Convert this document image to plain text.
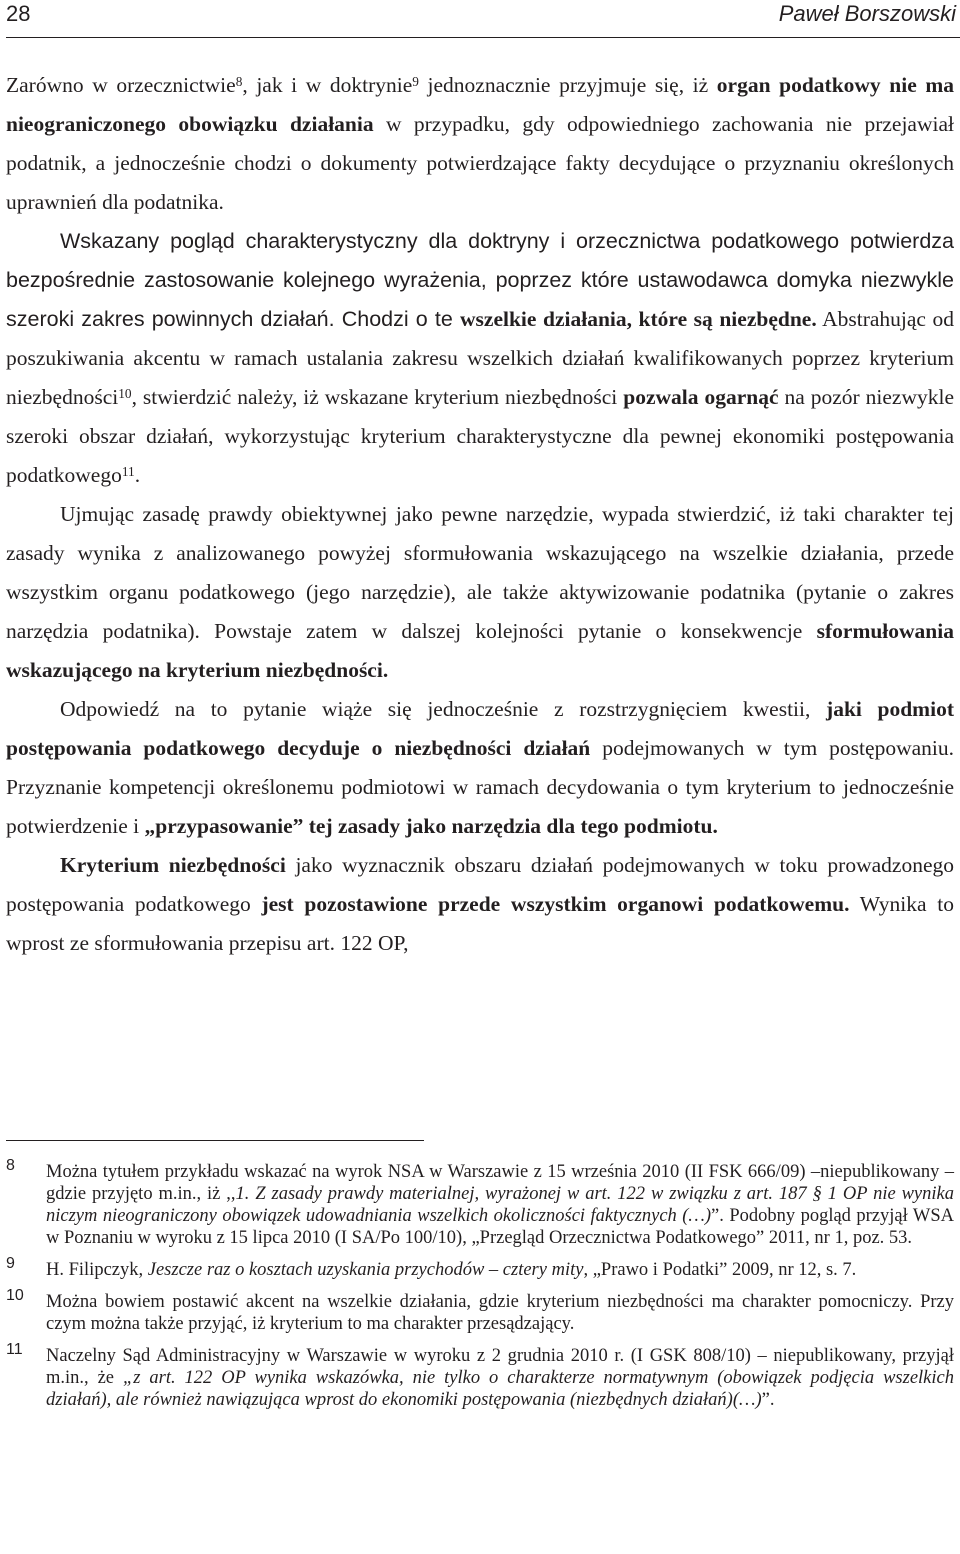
28	Paweł Borszowski

Zarówno w orzecznictwie$^8$, jak i w doktrynie$^9$ jednoznacznie przyjmuje się, iż organ podatkowy nie ma nieograniczonego obowiązku działania w przypadku, gdy odpowiedniego zachowania nie przejawiał podatnik, a jednocześnie chodzi o dokumenty potwierdzające fakty decydujące o przyznaniu określonych uprawnień dla podatnika.

Wskazany pogląd charakterystyczny dla doktryny i orzecznictwa podatkowego potwierdza bezpośrednie zastosowanie kolejnego wyrażenia, poprzez które ustawodawca domyka niezwykle szeroki zakres powinnych działań. Chodzi o te wszelkie działania, które są niezbędne. Abstrahując od poszukiwania akcentu w ramach ustalania zakresu wszelkich działań kwalifikowanych poprzez kryterium niezbędności$^{10}$, stwierdzić należy, iż wskazane kryterium niezbędności pozwala ogarnąć na pozór niezwykle szeroki obszar działań, wykorzystując kryterium charakterystyczne dla pewnej ekonomiki postępowania podatkowego$^{11}$.

Ujmując zasadę prawdy obiektywnej jako pewne narzędzie, wypada stwierdzić, iż taki charakter tej zasady wynika z analizowanego powyżej sformułowania wskazującego na wszelkie działania, przede wszystkim organu podatkowego (jego narzędzie), ale także aktywizowanie podatnika (pytanie o zakres narzędzia podatnika). Powstaje zatem w dalszej kolejności pytanie o konsekwencje sformułowania wskazującego na kryterium niezbędności.

Odpowiedź na to pytanie wiąże się jednocześnie z rozstrzygnięciem kwestii, jaki podmiot postępowania podatkowego decyduje o niezbędności działań podejmowanych w tym postępowaniu. Przyznanie kompetencji określonemu podmiotowi w ramach decydowania o tym kryterium to jednocześnie potwierdzenie i „przypasowanie” tej zasady jako narzędzia dla tego podmiotu.

Kryterium niezbędności jako wyznacznik obszaru działań podejmowanych w toku prowadzonego postępowania podatkowego jest pozostawione przede wszystkim organowi podatkowemu. Wynika to wprost ze sformułowania przepisu art. 122 OP,

8 Można tytułem przykładu wskazać na wyrok NSA w Warszawie z 15 września 2010 (II FSK 666/09) –niepublikowany – gdzie przyjęto m.in., iż ,,1. Z zasady prawdy materialnej, wyrażonej w art. 122 w związku z art. 187 § 1 OP nie wynika niczym nieograniczony obowiązek udowadniania wszelkich okoliczności faktycznych (…)”. Podobny pogląd przyjął WSA w Poznaniu w wyroku z 15 lipca 2010 (I SA/Po 100/10), „Przegląd Orzecznictwa Podatkowego” 2011, nr 1, poz. 53.
9 H. Filipczyk, Jeszcze raz o kosztach uzyskania przychodów – cztery mity, „Prawo i Podatki” 2009, nr 12, s. 7.
10 Można bowiem postawić akcent na wszelkie działania, gdzie kryterium niezbędności ma charakter pomocniczy. Przy czym można także przyjąć, iż kryterium to ma charakter przesądzający.
11 Naczelny Sąd Administracyjny w Warszawie w wyroku z 2 grudnia 2010 r. (I GSK 808/10) – niepublikowany, przyjął m.in., że „z art. 122 OP wynika wskazówka, nie tylko o charakterze normatywnym (obowiązek podjęcia wszelkich działań), ale również nawiązująca wprost do ekonomiki postępowania (niezbędnych działań)(…)”.
